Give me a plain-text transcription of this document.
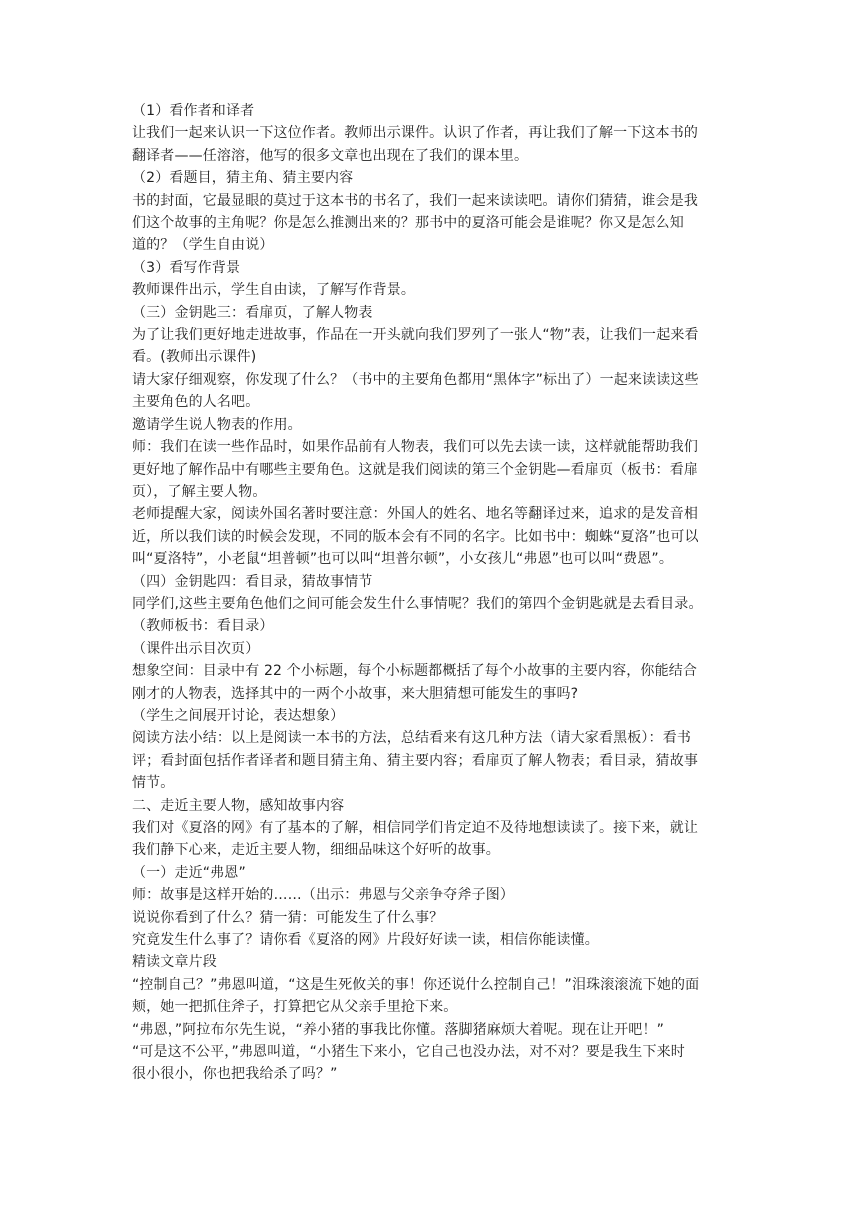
（1）看作者和译者
让我们一起来认识一下这位作者。教师出示课件。认识了作者，再让我们了解一下这本书的
翻译者——任溶溶，他写的很多文章也出现在了我们的课本里。
（2）看题目，猜主角、猜主要内容
书的封面，它最显眼的莫过于这本书的书名了，我们一起来读读吧。请你们猜猜，谁会是我
们这个故事的主角呢？你是怎么推测出来的？那书中的夏洛可能会是谁呢？你又是怎么知
道的？（学生自由说）
（3）看写作背景
教师课件出示，学生自由读，了解写作背景。
（三）金钥匙三：看扉页，了解人物表
为了让我们更好地走进故事，作品在一开头就向我们罗列了一张人“物”表，让我们一起来看
看。(教师出示课件)
请大家仔细观察，你发现了什么？（书中的主要角色都用“黑体字”标出了）一起来读读这些
主要角色的人名吧。
邀请学生说人物表的作用。
师：我们在读一些作品时，如果作品前有人物表，我们可以先去读一读，这样就能帮助我们
更好地了解作品中有哪些主要角色。这就是我们阅读的第三个金钥匙—看扉页（板书：看扉
页），了解主要人物。
老师提醒大家，阅读外国名著时要注意：外国人的姓名、地名等翻译过来，追求的是发音相
近，所以我们读的时候会发现，不同的版本会有不同的名字。比如书中：蜘蛛“夏洛”也可以
叫“夏洛特”，小老鼠“坦普顿”也可以叫“坦普尔顿”，小女孩儿“弗恩”也可以叫“费恩”。
（四）金钥匙四：看目录，猜故事情节
同学们,这些主要角色他们之间可能会发生什么事情呢？我们的第四个金钥匙就是去看目录。
（教师板书：看目录）
（课件出示目次页）
想象空间：目录中有 22 个小标题，每个小标题都概括了每个小故事的主要内容，你能结合
刚才的人物表，选择其中的一两个小故事，来大胆猜想可能发生的事吗?
（学生之间展开讨论，表达想象）
阅读方法小结：以上是阅读一本书的方法，总结看来有这几种方法（请大家看黑板）：看书
评；看封面包括作者译者和题目猜主角、猜主要内容；看扉页了解人物表；看目录，猜故事
情节。
二、走近主要人物，感知故事内容
我们对《夏洛的网》有了基本的了解，相信同学们肯定迫不及待地想读读了。接下来，就让
我们静下心来，走近主要人物，细细品味这个好听的故事。
（一）走近“弗恩”
师：故事是这样开始的……（出示：弗恩与父亲争夺斧子图）
说说你看到了什么？猜一猜：可能发生了什么事？
究竟发生什么事了？请你看《夏洛的网》片段好好读一读，相信你能读懂。
精读文章片段
“控制自己？”弗恩叫道，“这是生死攸关的事！你还说什么控制自己！”泪珠滚滚流下她的面
颊，她一把抓住斧子，打算把它从父亲手里抢下来。
“弗恩，”阿拉布尔先生说，“养小猪的事我比你懂。落脚猪麻烦大着呢。现在让开吧！”
“可是这不公平，”弗恩叫道，“小猪生下来小，它自己也没办法，对不对？要是我生下来时
很小很小，你也把我给杀了吗？”
